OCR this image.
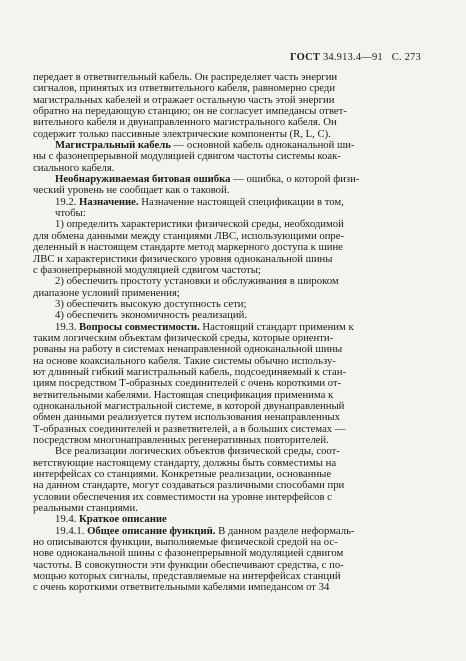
ГОСТ 34.913.4—91 С. 273
передает в ответвительный кабель. Он распределяет часть энергии
сигналов, принятых из ответвительного кабеля, равномерно среди
магистральных кабелей и отражает остальную часть этой энергии
обратно на передающую станцию; он не согласует импедансы ответ-
вительного кабеля и двунаправленного магистрального кабеля. Он
содержит только пассивные электрические компоненты (R, L, C).
Магистральный кабель — основной кабель одноканальной ши-
ны с фазонепрерывной модуляцией сдвигом частоты системы коак-
сиального кабеля.
Необнаруживаемая битовая ошибка — ошибка, о которой физи-
ческий уровень не сообщает как о таковой.
19.2. Назначение. Назначение настоящей спецификации в том,
чтобы:
1) определить характеристики физической среды, необходимой
для обмена данными между станциями ЛВС, использующими опре-
деленный в настоящем стандарте метод маркерного доступа к шине
ЛВС и характеристики физического уровня одноканальной шины
с фазонепрерывной модуляцией сдвигом частоты;
2) обеспечить простоту установки и обслуживания в широком
диапазоне условий применения;
3) обеспечить высокую доступность сети;
4) обеспечить экономичность реализаций.
19.3. Вопросы совместимости. Настоящий стандарт применим к
таким логическим объектам физической среды, которые ориенти-
рованы на работу в системах ненаправленной одноканальной шины
на основе коаксиального кабеля. Такие системы обычно использу-
ют длинный гибкий магистральный кабель, подсоединяемый к стан-
циям посредством Т-образных соединителей с очень короткими от-
ветвительными кабелями. Настоящая спецификация применима к
одноканальной магистральной системе, в которой двунаправленный
обмен данными реализуется путем использования ненаправленных
Т-образных соединителей и разветвителей, а в больших системах —
посредством многонаправленных регенеративных повторителей.
Все реализации логических объектов физической среды, соот-
ветствующие настоящему стандарту, должны быть совместимы на
интерфейсах со станциями. Конкретные реализации, основанные
на данном стандарте, могут создаваться различными способами при
условии обеспечения их совместимости на уровне интерфейсов с
реальными станциями.
19.4. Краткое описание
19.4.1. Общее описание функций. В данном разделе неформаль-
но описываются функции, выполняемые физической средой на ос-
нове одноканальной шины с фазонепрерывной модуляцией сдвигом
частоты. В совокупности эти функции обеспечивают средства, с по-
мощью которых сигналы, представляемые на интерфейсах станций
с очень короткими ответвительными кабелями импедансом от 34
